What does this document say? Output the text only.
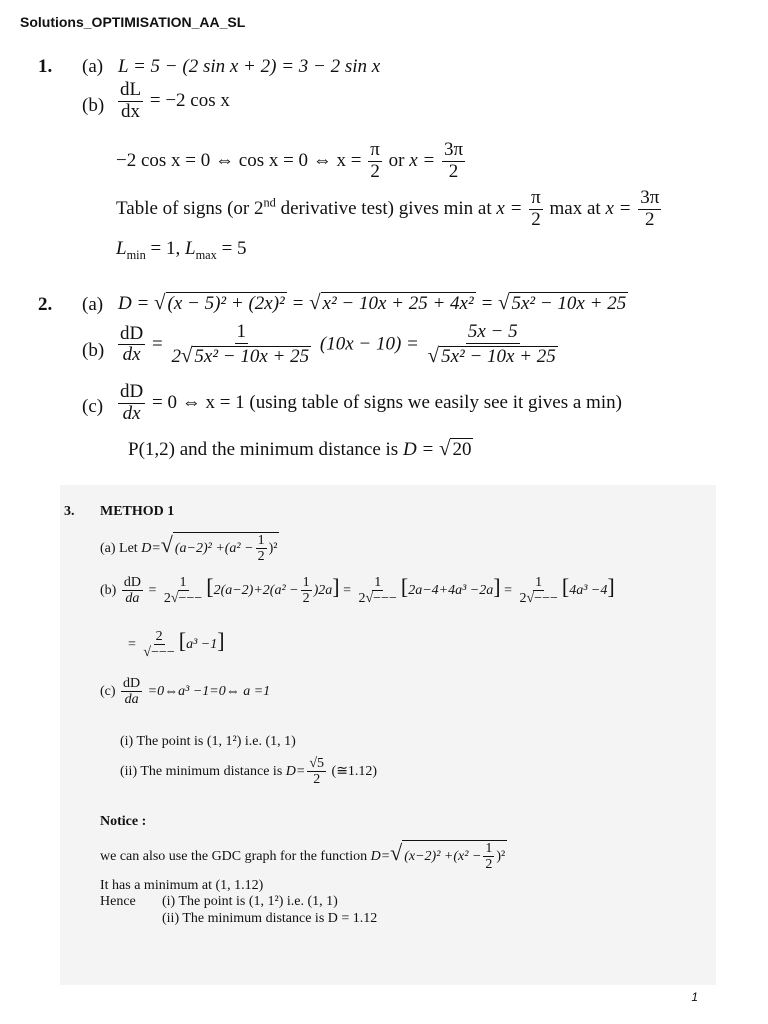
Solutions_OPTIMISATION_AA_SL
1. (a) L = 5 − (2 sin x + 2) = 3 − 2 sin x
$(b) \frac{dL}{dx} = -2$ cos x
−2 cos x = 0 ⇔ cos x = 0 ⇔ $x = \frac{\pi}{2}$ or $x = \frac{3\pi}{2}$
Table of signs (or 2nd derivative test) gives min at $x = \frac{\pi}{2}$ max at $x = \frac{3\pi}{2}$
$L_{min} = 1$, $L_{max} = 5$
2. (a) D = √ (x − 5)² + (2x)² = √ x² − 10x + 25 + 4x² = √ 5x² − 10x + 25
$(b) \frac{dD}{dx} = \frac{1}{\text{2√ 5x² − 10x + 25}} (10x - 10) = \frac{5x - 5}{\text{√ 5x² − 10x + 25}}$
$(c) \frac{dD}{dx} = 0$ ⇔ x = 1 (using table of signs we easily see it gives a min)
P(1,2) and the minimum distance is D = √ 20
3. METHOD 1
(a) Let D=√ $(a-2)^2 +(a^2 - \frac{1}{2} )^2$
$(b) \frac{dD}{da} = \frac{1}{2√---} [2(a-2)+2(a^2 - \frac{1}{2} )2a] = \frac{1}{2√---} [2a-4+4a^3 -2a] = \frac{1}{2√---} [4a^3 -4]$
= $\frac{2}{√---} [a^3 -1]$
$(c) \frac{dD}{da}$ =0⇔a³ −1=0⇔ a =1
(i) The point is (1, 1²) i.e. (1, 1)
(ii) The minimum distance is $D= \frac{√5}{2}$ (≅1.12)
Notice :
we can also use the GDC graph for the function D=√ $(x-2)^2 +(x^2 - \frac{1}{2} )^2$
It has a minimum at (1, 1.12)
Hence (i) The point is (1, 1²) i.e. (1, 1)
(ii) The minimum distance is D = 1.12
1
